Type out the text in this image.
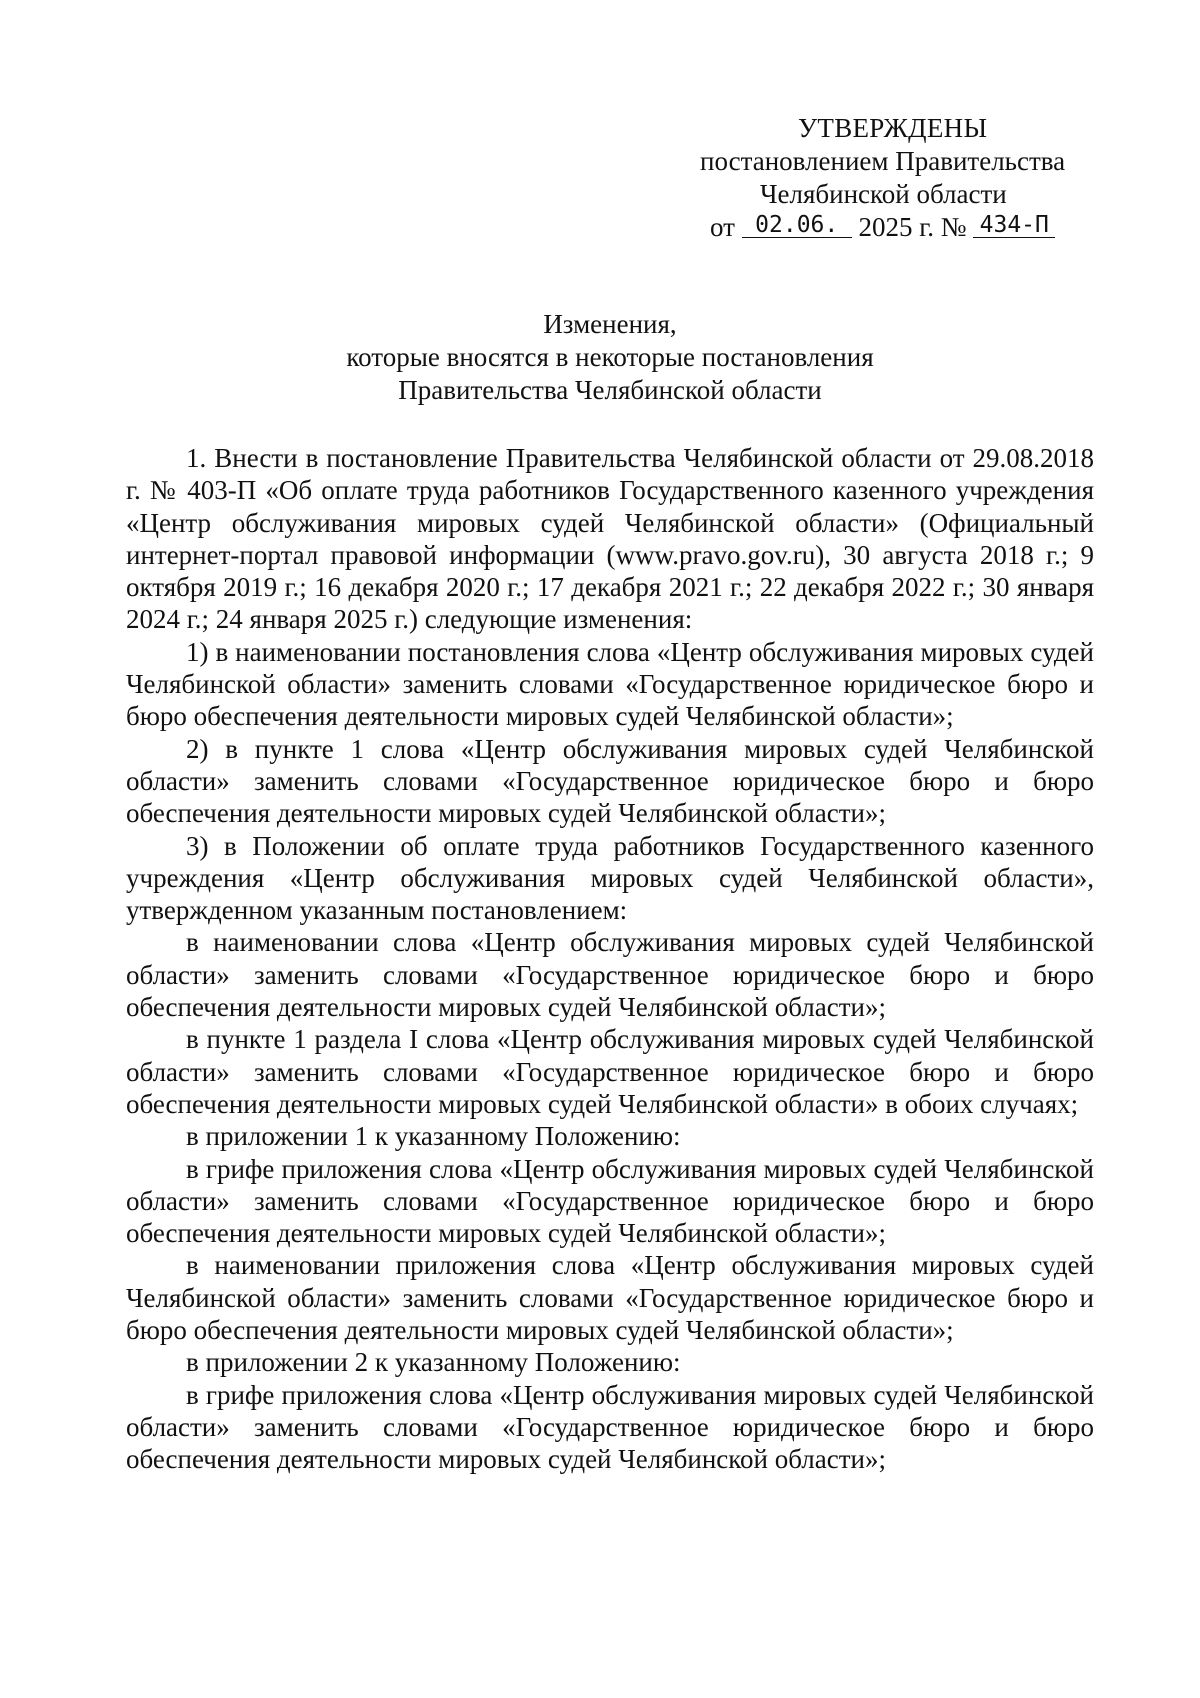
УТВЕРЖДЕНЫ
постановлением Правительства
Челябинской области
от 02.06. 2025 г. № 434-П
Изменения,
которые вносятся в некоторые постановления
Правительства Челябинской области

1. Внести в постановление Правительства Челябинской области от 29.08.2018 г. № 403-П «Об оплате труда работников Государственного казенного учреждения «Центр обслуживания мировых судей Челябинской области» (Официальный интернет-портал правовой информации (www.pravo.gov.ru), 30 августа 2018 г.; 9 октября 2019 г.; 16 декабря 2020 г.; 17 декабря 2021 г.; 22 декабря 2022 г.; 30 января 2024 г.; 24 января 2025 г.) следующие изменения:

1) в наименовании постановления слова «Центр обслуживания мировых судей Челябинской области» заменить словами «Государственное юридическое бюро и бюро обеспечения деятельности мировых судей Челябинской области»;

2) в пункте 1 слова «Центр обслуживания мировых судей Челябинской области» заменить словами «Государственное юридическое бюро и бюро обеспечения деятельности мировых судей Челябинской области»;

3) в Положении об оплате труда работников Государственного казенного учреждения «Центр обслуживания мировых судей Челябинской области», утвержденном указанным постановлением:

в наименовании слова «Центр обслуживания мировых судей Челябинской области» заменить словами «Государственное юридическое бюро и бюро обеспечения деятельности мировых судей Челябинской области»;

в пункте 1 раздела I слова «Центр обслуживания мировых судей Челябинской области» заменить словами «Государственное юридическое бюро и бюро обеспечения деятельности мировых судей Челябинской области» в обоих случаях;

в приложении 1 к указанному Положению:

в грифе приложения слова «Центр обслуживания мировых судей Челябинской области» заменить словами «Государственное юридическое бюро и бюро обеспечения деятельности мировых судей Челябинской области»;

в наименовании приложения слова «Центр обслуживания мировых судей Челябинской области» заменить словами «Государственное юридическое бюро и бюро обеспечения деятельности мировых судей Челябинской области»;

в приложении 2 к указанному Положению:

в грифе приложения слова «Центр обслуживания мировых судей Челябинской области» заменить словами «Государственное юридическое бюро и бюро обеспечения деятельности мировых судей Челябинской области»;
